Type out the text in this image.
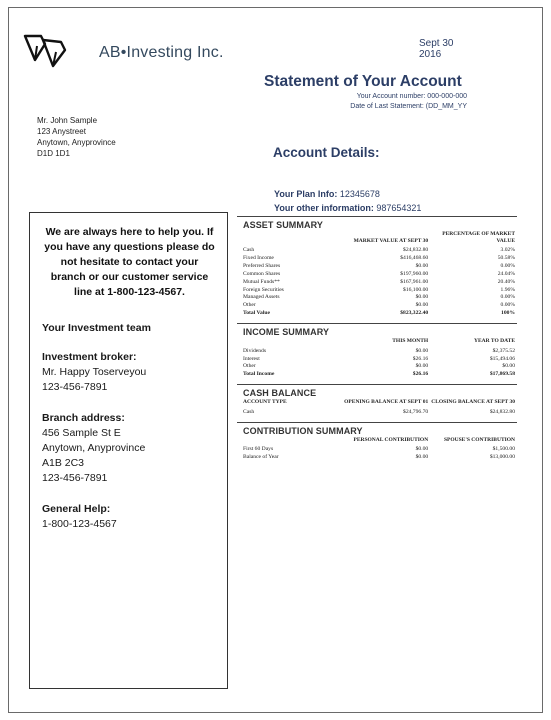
AB•Investing Inc.
Sept 30
2016
Statement of Your Account
Your Account number: 000-000-000
Date of Last Statement: (DD_MM_YY
Mr. John Sample
123 Anystreet
Anytown, Anyprovince
D1D 1D1	Account Details:
Your Plan Info: 12345678
Your other information: 987654321
We are always here to help you. If you have any questions please do not hesitate to contact your branch or our customer service line at 1-800-123-4567.
Your Investment team
Investment broker:
Mr. Happy Toserveyou
123-456-7891
Branch address:
456 Sample St E
Anytown, Anyprovince
A1B 2C3
123-456-7891
General Help:
1-800-123-4567
ASSET SUMMARY
	MARKET VALUE AT SEPT 30	PERCENTAGE OF MARKET VALUE
Cash	$24,832.80	3.02%
Fixed Income	$416,468.60	50.58%
Preferred Shares	$0.00	0.00%
Common Shares	$197,960.00	24.04%
Mutual Funds**	$167,961.00	20.40%
Foreign Securities	$16,100.00	1.96%
Managed Assets	$0.00	0.00%
Other	$0.00	0.00%
Total Value	$823,322.40	100%
INCOME SUMMARY
	THIS MONTH	YEAR TO DATE
Dividends	$0.00	$2,375.52
Interest	$26.16	$15,494.06
Other	$0.00	$0.00
Total Income	$26.16	$17,869.58
CASH BALANCE
ACCOUNT TYPE	OPENING BALANCE AT SEPT 01	CLOSING BALANCE AT SEPT 30
Cash	$24,796.70	$24,832.80
CONTRIBUTION SUMMARY
	PERSONAL CONTRIBUTION	SPOUSE'S CONTRIBUTION
First 60 Days	$0.00	$1,500.00
Balance of Year	$0.00	$13,000.00
